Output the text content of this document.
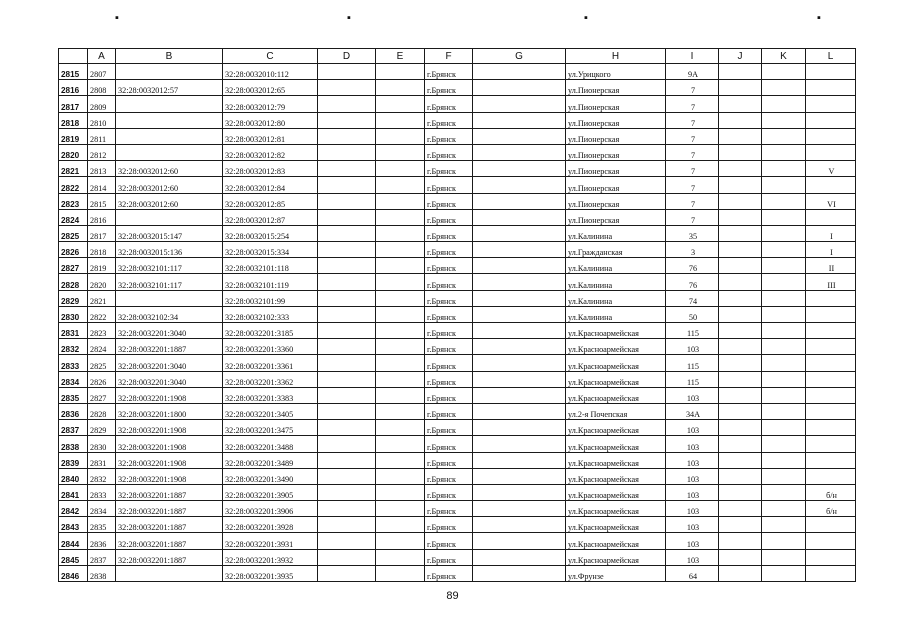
▪	▪	▪	▪
	A	B	C	D	E	F	G	H	I	J	K	L
2815	2807		32:28:0032010:112			г.Брянск		ул.Урицкого	9А			
2816	2808	32:28:0032012:57	32:28:0032012:65			г.Брянск		ул.Пионерская	7			
2817	2809		32:28:0032012:79			г.Брянск		ул.Пионерская	7			
2818	2810		32:28:0032012:80			г.Брянск		ул.Пионерская	7			
2819	2811		32:28:0032012:81			г.Брянск		ул.Пионерская	7			
2820	2812		32:28:0032012:82			г.Брянск		ул.Пионерская	7			
2821	2813	32:28:0032012:60	32:28:0032012:83			г.Брянск		ул.Пионерская	7			V
2822	2814	32:28:0032012:60	32:28:0032012:84			г.Брянск		ул.Пионерская	7			
2823	2815	32:28:0032012:60	32:28:0032012:85			г.Брянск		ул.Пионерская	7			VI
2824	2816		32:28:0032012:87			г.Брянск		ул.Пионерская	7			
2825	2817	32:28:0032015:147	32:28:0032015:254			г.Брянск		ул.Калинина	35			I
2826	2818	32:28:0032015:136	32:28:0032015:334			г.Брянск		ул.Гражданская	3			I
2827	2819	32:28:0032101:117	32:28:0032101:118			г.Брянск		ул.Калинина	76			II
2828	2820	32:28:0032101:117	32:28:0032101:119			г.Брянск		ул.Калинина	76			III
2829	2821		32:28:0032101:99			г.Брянск		ул.Калинина	74			
2830	2822	32:28:0032102:34	32:28:0032102:333			г.Брянск		ул.Калинина	50			
2831	2823	32:28:0032201:3040	32:28:0032201:3185			г.Брянск		ул.Красноармейская	115			
2832	2824	32:28:0032201:1887	32:28:0032201:3360			г.Брянск		ул.Красноармейская	103			
2833	2825	32:28:0032201:3040	32:28:0032201:3361			г.Брянск		ул.Красноармейская	115			
2834	2826	32:28:0032201:3040	32:28:0032201:3362			г.Брянск		ул.Красноармейская	115			
2835	2827	32:28:0032201:1908	32:28:0032201:3383			г.Брянск		ул.Красноармейская	103			
2836	2828	32:28:0032201:1800	32:28:0032201:3405			г.Брянск		ул.2-я Почепская	34А			
2837	2829	32:28:0032201:1908	32:28:0032201:3475			г.Брянск		ул.Красноармейская	103			
2838	2830	32:28:0032201:1908	32:28:0032201:3488			г.Брянск		ул.Красноармейская	103			
2839	2831	32:28:0032201:1908	32:28:0032201:3489			г.Брянск		ул.Красноармейская	103			
2840	2832	32:28:0032201:1908	32:28:0032201:3490			г.Брянск		ул.Красноармейская	103			
2841	2833	32:28:0032201:1887	32:28:0032201:3905			г.Брянск		ул.Красноармейская	103			б/н
2842	2834	32:28:0032201:1887	32:28:0032201:3906			г.Брянск		ул.Красноармейская	103			б/н
2843	2835	32:28:0032201:1887	32:28:0032201:3928			г.Брянск		ул.Красноармейская	103			
2844	2836	32:28:0032201:1887	32:28:0032201:3931			г.Брянск		ул.Красноармейская	103			
2845	2837	32:28:0032201:1887	32:28:0032201:3932			г.Брянск		ул.Красноармейская	103			
2846	2838		32:28:0032201:3935			г.Брянск		ул.Фрунзе	64			
89
